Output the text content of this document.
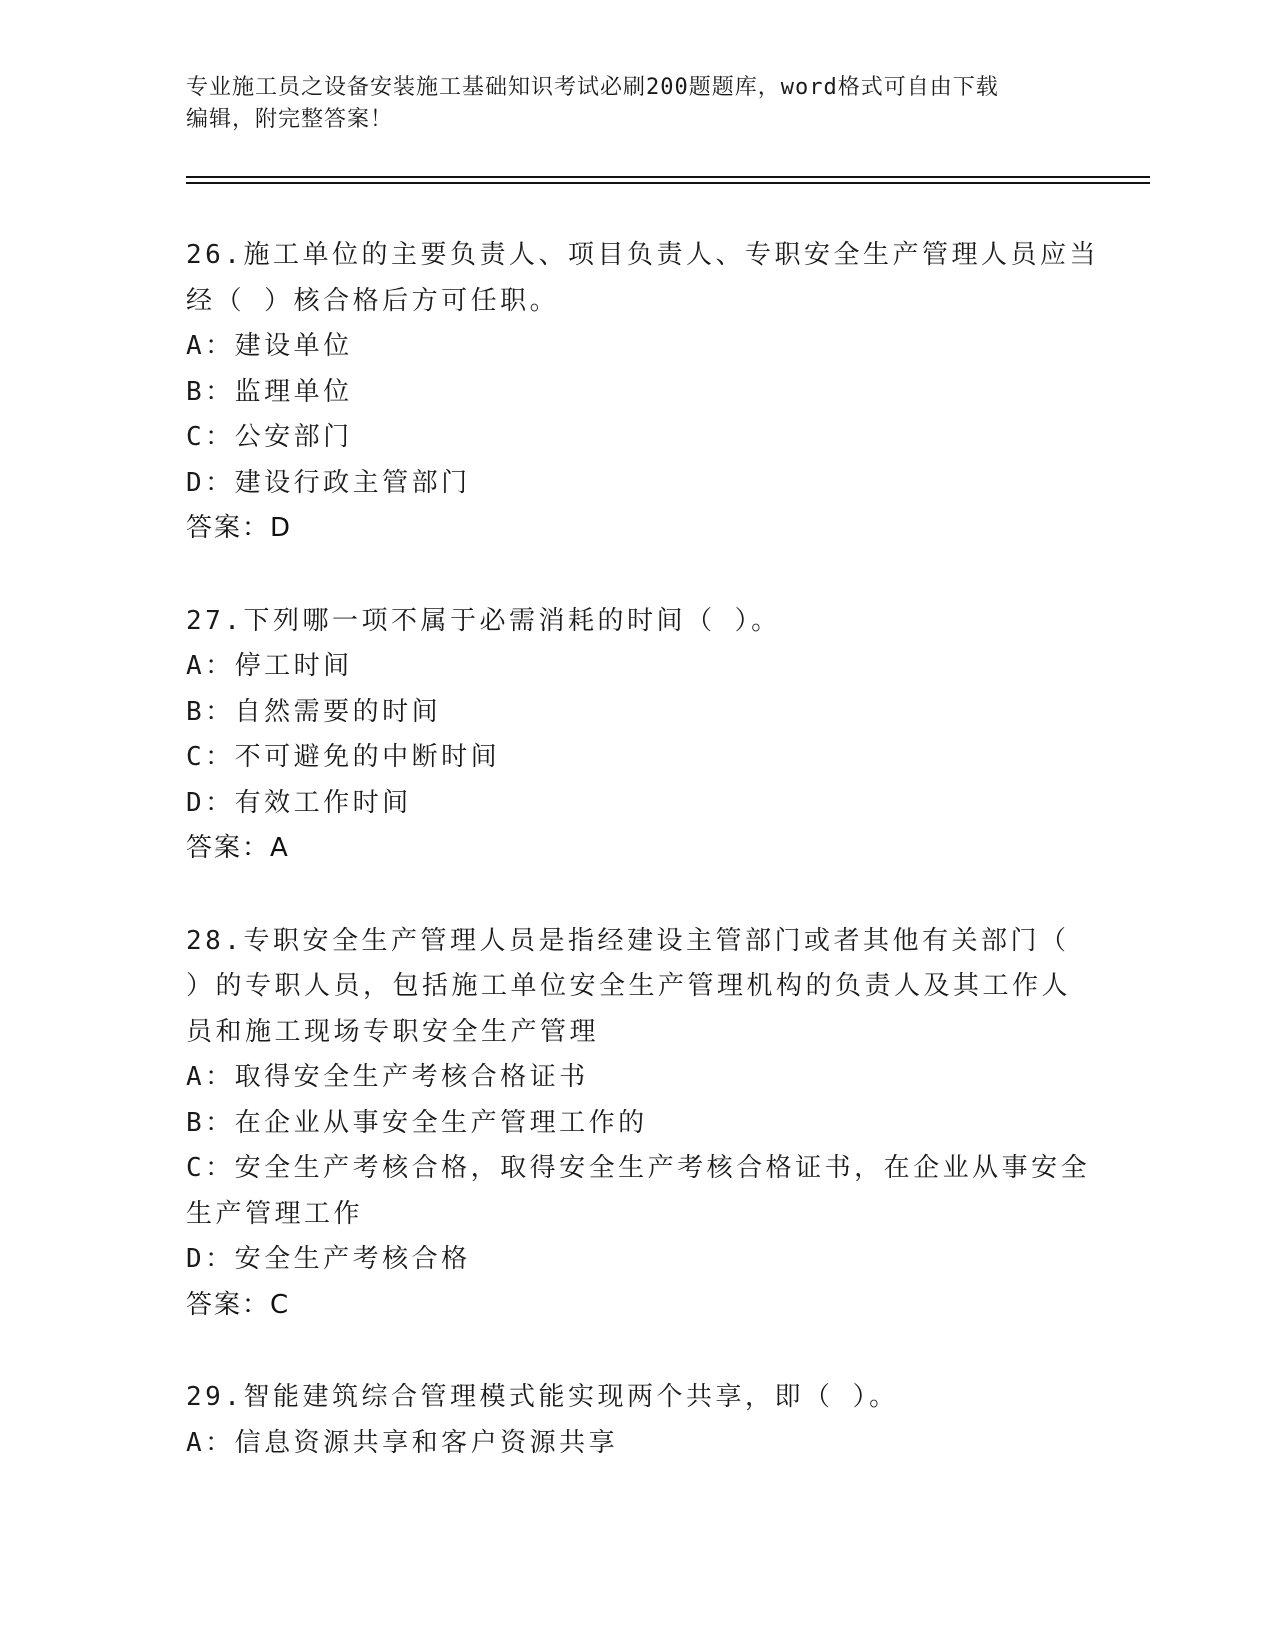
专业施工员之设备安装施工基础知识考试必刷200题题库，word格式可自由下载

编辑，附完整答案！

26.施工单位的主要负责人、项目负责人、专职安全生产管理人员应当

经（ ）核合格后方可任职。

A：建设单位

B：监理单位

C：公安部门

D：建设行政主管部门

答案：D

27.下列哪一项不属于必需消耗的时间（ ）。

A：停工时间

B：自然需要的时间

C：不可避免的中断时间

D：有效工作时间

答案：A

28.专职安全生产管理人员是指经建设主管部门或者其他有关部门（

）的专职人员，包括施工单位安全生产管理机构的负责人及其工作人

员和施工现场专职安全生产管理

A：取得安全生产考核合格证书

B：在企业从事安全生产管理工作的

C：安全生产考核合格，取得安全生产考核合格证书，在企业从事安全

生产管理工作

D：安全生产考核合格

答案：C

29.智能建筑综合管理模式能实现两个共享，即（ ）。

A：信息资源共享和客户资源共享
